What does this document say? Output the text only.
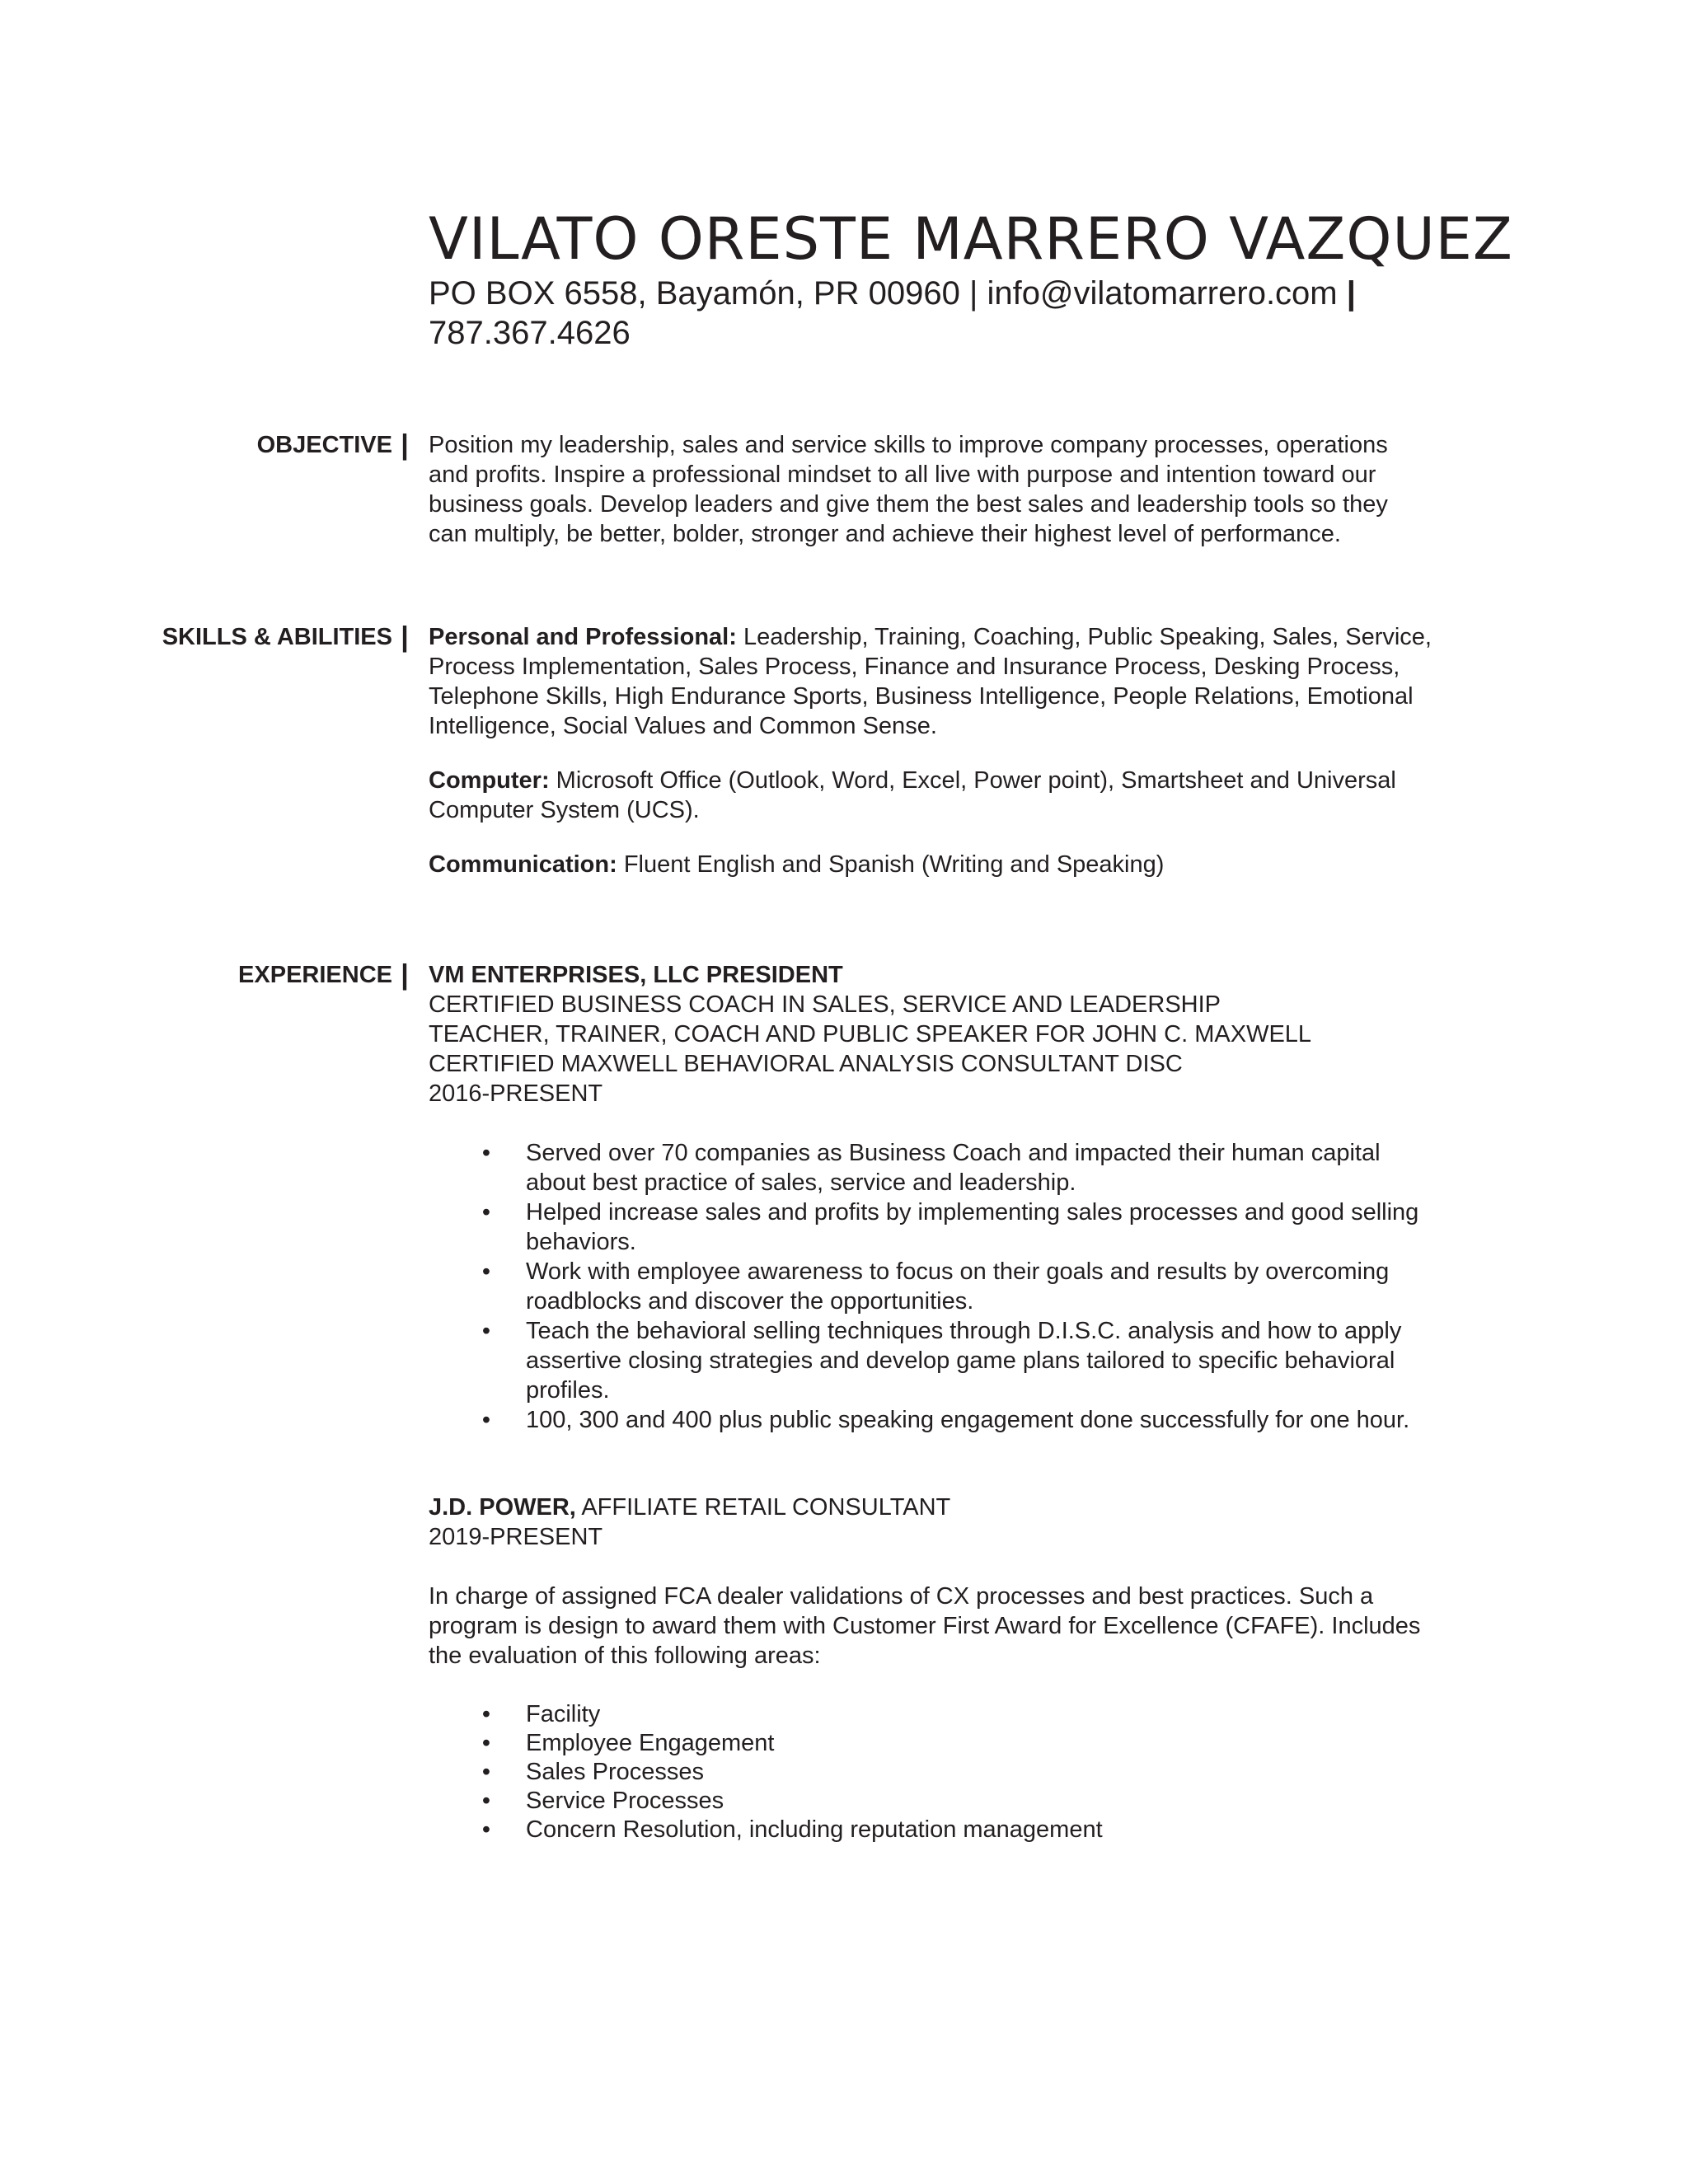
VILATO ORESTE MARRERO VAZQUEZ
PO BOX 6558, Bayamón, PR 00960 | info@vilatomarrero.com |
787.367.4626
OBJECTIVE | Position my leadership, sales and service skills to improve company processes, operations and profits. Inspire a professional mindset to all live with purpose and intention toward our business goals. Develop leaders and give them the best sales and leadership tools so they can multiply, be better, bolder, stronger and achieve their highest level of performance.

SKILLS & ABILITIES | Personal and Professional: Leadership, Training, Coaching, Public Speaking, Sales, Service, Process Implementation, Sales Process, Finance and Insurance Process, Desking Process, Telephone Skills, High Endurance Sports, Business Intelligence, People Relations, Emotional Intelligence, Social Values and Common Sense.

Computer: Microsoft Office (Outlook, Word, Excel, Power point), Smartsheet and Universal Computer System (UCS).

Communication: Fluent English and Spanish (Writing and Speaking)

EXPERIENCE | VM ENTERPRISES, LLC PRESIDENT

CERTIFIED BUSINESS COACH IN SALES, SERVICE AND LEADERSHIP

TEACHER, TRAINER, COACH AND PUBLIC SPEAKER FOR JOHN C. MAXWELL

CERTIFIED MAXWELL BEHAVIORAL ANALYSIS CONSULTANT DISC

2016-PRESENT

• Served over 70 companies as Business Coach and impacted their human capital about best practice of sales, service and leadership.
• Helped increase sales and profits by implementing sales processes and good selling behaviors.
• Work with employee awareness to focus on their goals and results by overcoming roadblocks and discover the opportunities.
• Teach the behavioral selling techniques through D.I.S.C. analysis and how to apply assertive closing strategies and develop game plans tailored to specific behavioral profiles.
• 100, 300 and 400 plus public speaking engagement done successfully for one hour.

J.D. POWER, AFFILIATE RETAIL CONSULTANT

2019-PRESENT

In charge of assigned FCA dealer validations of CX processes and best practices. Such a program is design to award them with Customer First Award for Excellence (CFAFE). Includes the evaluation of this following areas:

• Facility
• Employee Engagement
• Sales Processes
• Service Processes
• Concern Resolution, including reputation management
